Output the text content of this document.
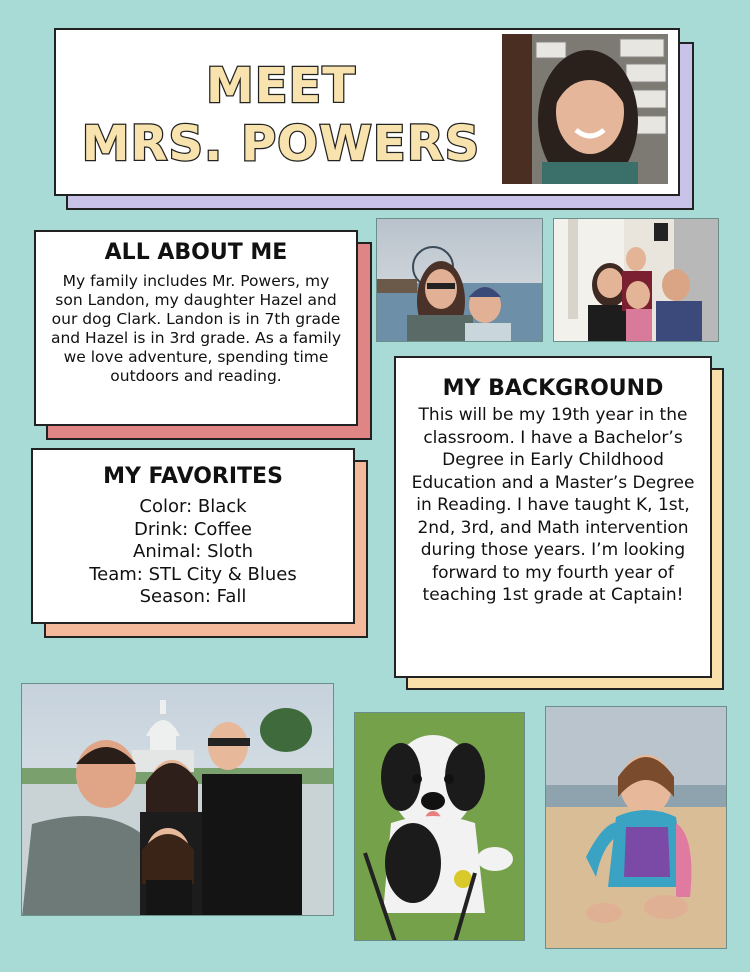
MEET
MRS. POWERS
ALL ABOUT ME

My family includes Mr. Powers, my son Landon, my daughter Hazel and our dog Clark. Landon is in 7th grade and Hazel is in 3rd grade. As a family we love adventure, spending time outdoors and reading.

MY FAVORITES
Color: Black
Drink: Coffee
Animal: Sloth
Team: STL City & Blues
Season: Fall
MY BACKGROUND

This will be my 19th year in the classroom. I have a Bachelor’s Degree in Early Childhood Education and a Master’s Degree in Reading. I have taught K, 1st, 2nd, 3rd, and Math intervention during those years. I’m looking forward to my fourth year of teaching 1st grade at Captain!
